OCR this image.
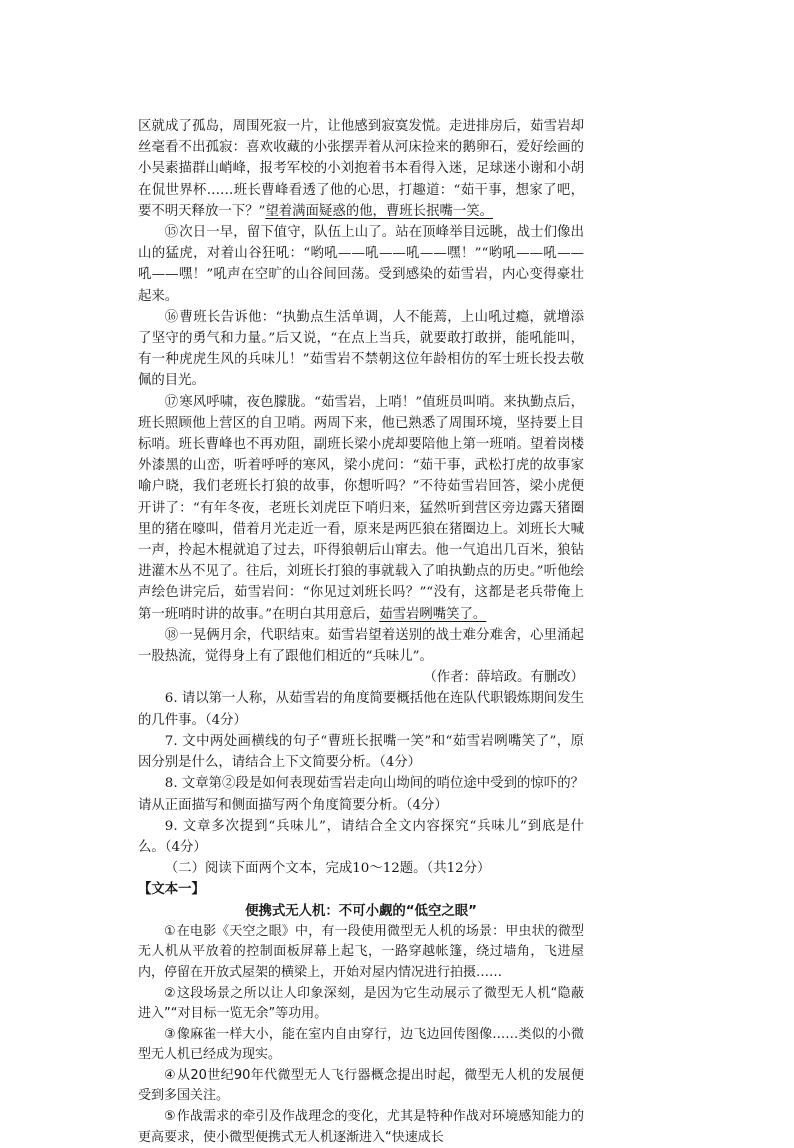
区就成了孤岛，周围死寂一片，让他感到寂寞发慌。走进排房后，茹雪岩却丝毫看不出孤寂：喜欢收藏的小张摆弄着从河床捡来的鹅卵石，爱好绘画的小吴素描群山峭峰，报考军校的小刘抱着书本看得入迷，足球迷小谢和小胡在侃世界杯……班长曹峰看透了他的心思，打趣道：“茹干事，想家了吧，要不明天释放一下？”望着满面疑惑的他，曹班长抿嘴一笑。

⑮次日一早，留下值守，队伍上山了。站在顶峰举目远眺，战士们像出山的猛虎，对着山谷狂吼：“哟吼——吼——吼——嘿！”“哟吼——吼——吼——嘿！”吼声在空旷的山谷间回荡。受到感染的茹雪岩，内心变得豪壮起来。

⑯曹班长告诉他：“执勤点生活单调，人不能蔫，上山吼过瘾，就增添了坚守的勇气和力量。”后又说，“在点上当兵，就要敢打敢拼，能吼能叫，有一种虎虎生风的兵味儿！”茹雪岩不禁朝这位年龄相仿的军士班长投去敬佩的目光。

⑰寒风呼啸，夜色朦胧。“茹雪岩，上哨！”值班员叫哨。来执勤点后，班长照顾他上营区的自卫哨。两周下来，他已熟悉了周围环境，坚持要上目标哨。班长曹峰也不再劝阻，副班长梁小虎却要陪他上第一班哨。望着岗楼外漆黑的山峦，听着呼呼的寒风，梁小虎问：“茹干事，武松打虎的故事家喻户晓，我们老班长打狼的故事，你想听吗？”不待茹雪岩回答，梁小虎便开讲了：“有年冬夜，老班长刘虎臣下哨归来，猛然听到营区旁边露天猪圈里的猪在嚎叫，借着月光走近一看，原来是两匹狼在猪圈边上。刘班长大喊一声，拎起木棍就追了过去，吓得狼朝后山窜去。他一气追出几百米，狼钻进灌木丛不见了。往后，刘班长打狼的事就载入了咱执勤点的历史。”听他绘声绘色讲完后，茹雪岩问：“你见过刘班长吗？”“没有，这都是老兵带俺上第一班哨时讲的故事。”在明白其用意后，茹雪岩咧嘴笑了。

⑱一晃俩月余，代职结束。茹雪岩望着送别的战士难分难舍，心里涌起一股热流，觉得身上有了跟他们相近的“兵味儿”。

（作者：薛培政。有删改）

6. 请以第一人称，从茹雪岩的角度简要概括他在连队代职锻炼期间发生的几件事。（4分）

7. 文中两处画横线的句子“曹班长抿嘴一笑”和“茹雪岩咧嘴笑了”，原因分别是什么，请结合上下文简要分析。（4分）

8. 文章第②段是如何表现茹雪岩走向山坳间的哨位途中受到的惊吓的？请从正面描写和侧面描写两个角度简要分析。（4分）

9. 文章多次提到“兵味儿”，请结合全文内容探究“兵味儿”到底是什么。（4分）

（二）阅读下面两个文本，完成10～12题。（共12分）

【文本一】

便携式无人机：不可小觑的“低空之眼”

①在电影《天空之眼》中，有一段使用微型无人机的场景：甲虫状的微型无人机从平放着的控制面板屏幕上起飞，一路穿越帐篷，绕过墙角，飞进屋内，停留在开放式屋架的横梁上，开始对屋内情况进行拍摄……

②这段场景之所以让人印象深刻，是因为它生动展示了微型无人机“隐蔽进入”“对目标一览无余”等功用。

③像麻雀一样大小，能在室内自由穿行，边飞边回传图像……类似的小微型无人机已经成为现实。

④从20世纪90年代微型无人飞行器概念提出时起，微型无人机的发展便受到多国关注。

⑤作战需求的牵引及作战理念的变化，尤其是特种作战对环境感知能力的更高要求，使小微型便携式无人机逐渐进入“快速成长
